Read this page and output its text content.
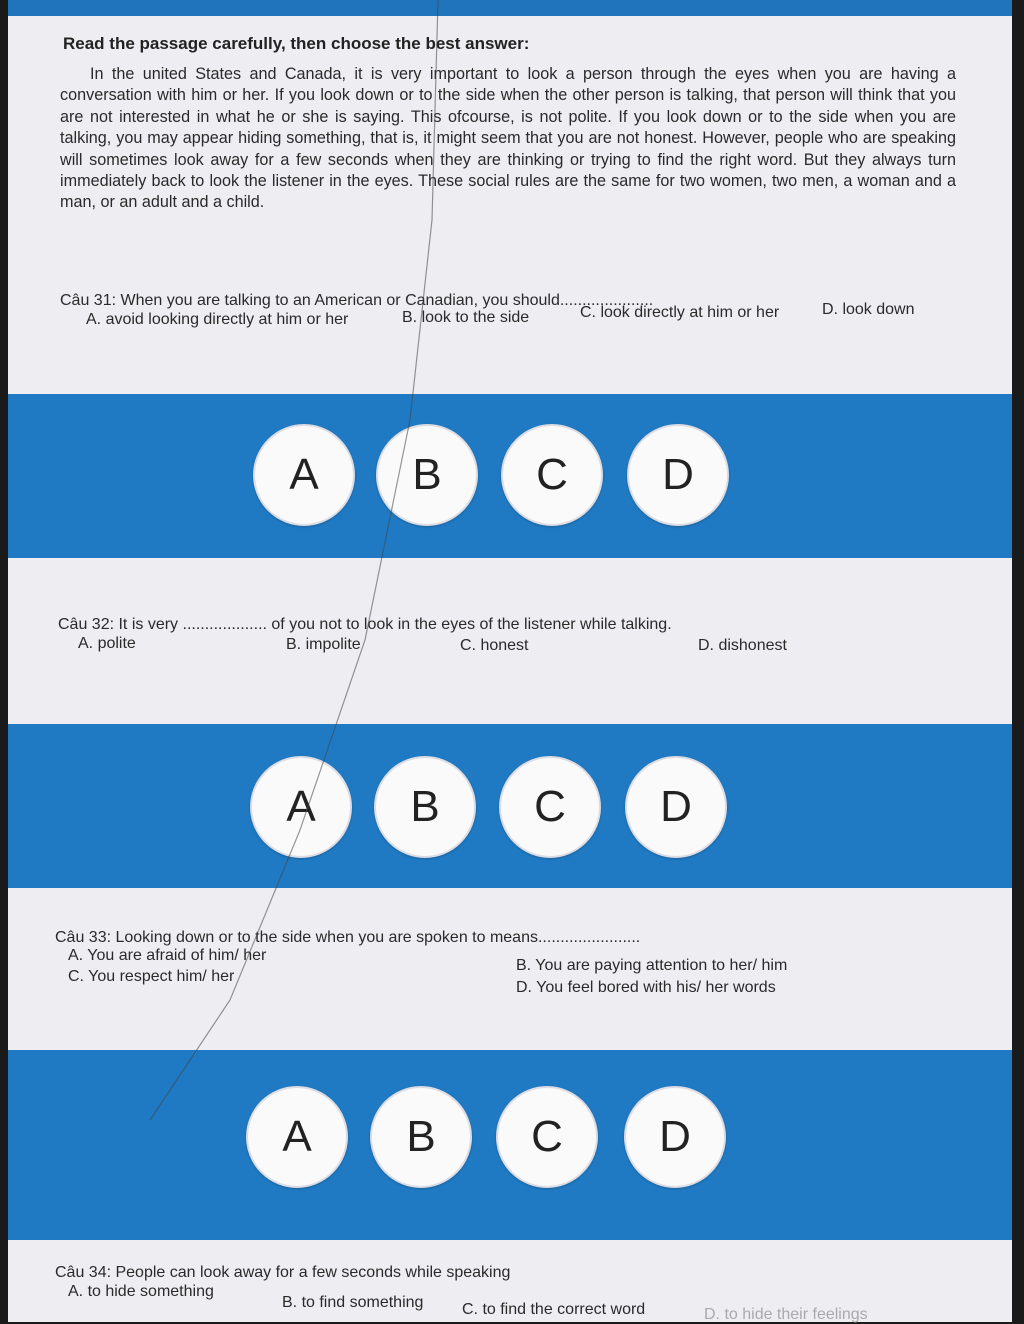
Read the passage carefully, then choose the best answer:
In the united States and Canada, it is very important to look a person through the eyes when you are having a conversation with him or her. If you look down or to the side when the other person is talking, that person will think that you are not interested in what he or she is saying. This ofcourse, is not polite. If you look down or to the side when you are talking, you may appear hiding something, that is, it might seem that you are not honest. However, people who are speaking will sometimes look away for a few seconds when they are thinking or trying to find the right word. But they always turn immediately back to look the listener in the eyes. These social rules are the same for two women, two men, a woman and a man, or an adult and a child.
Câu 31: When you are talking to an American or Canadian, you should.....................
A. avoid looking directly at him or her	B. look to the side	C. look directly at him or her	D. look down
A	B	C	D
Câu 32: It is very ................... of you not to look in the eyes of the listener while talking.
A. polite	B. impolite	C. honest	D. dishonest
A	B	C	D
Câu 33: Looking down or to the side when you are spoken to means.......................
A. You are afraid of him/ her
B. You are paying attention to her/ him
C. You respect him/ her
D. You feel bored with his/ her words
A	B	C	D
Câu 34: People can look away for a few seconds while speaking
A. to hide something
B. to find something C. to find the correct word	D. to hide their feelings
